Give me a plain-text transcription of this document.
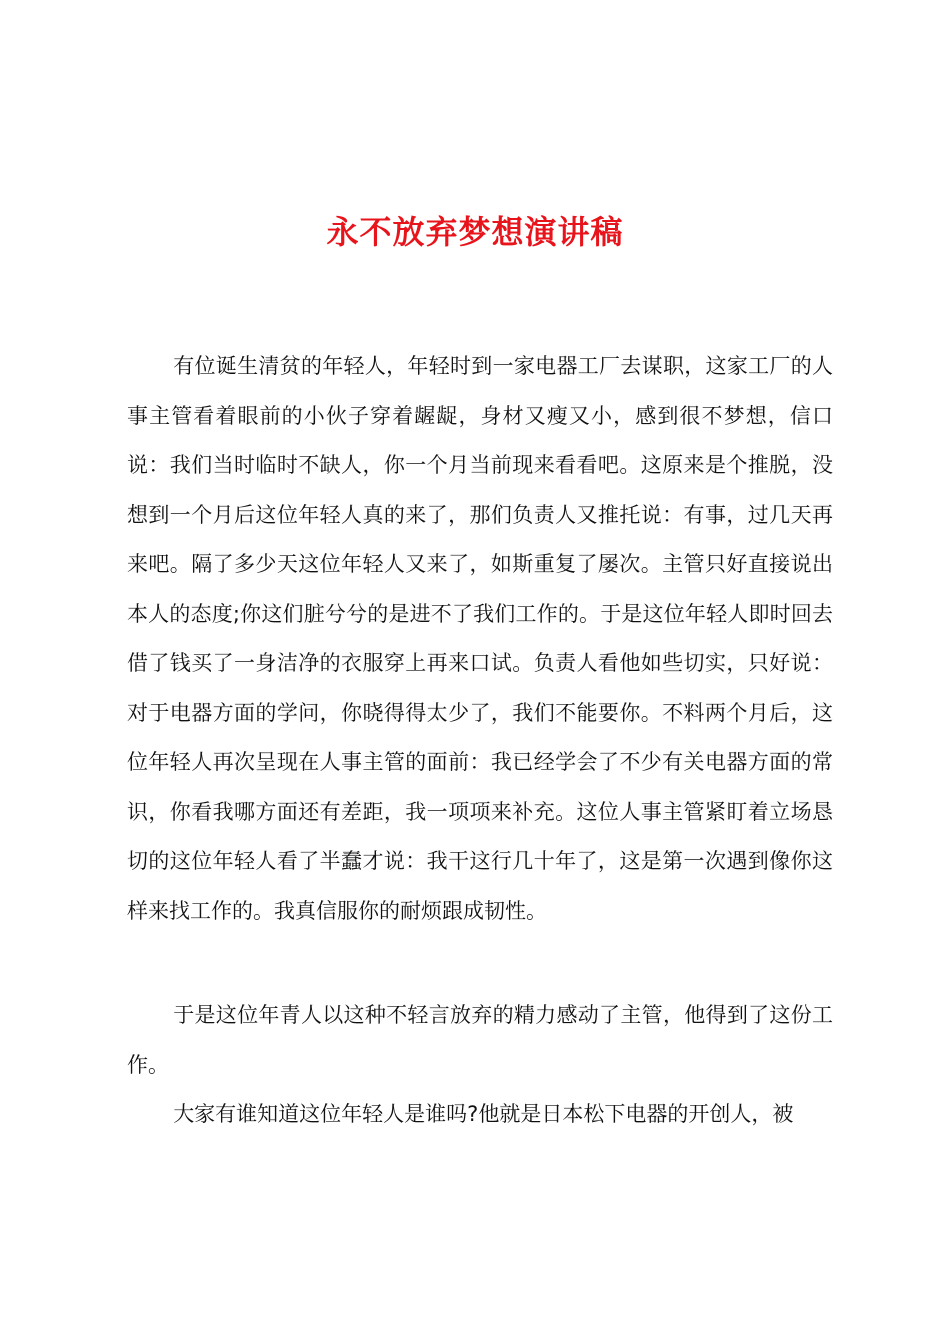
永不放弃梦想演讲稿

有位诞生清贫的年轻人，年轻时到一家电器工厂去谋职，这家工厂的人事主管看着眼前的小伙子穿着龌龊，身材又瘦又小，感到很不梦想，信口说：我们当时临时不缺人，你一个月当前现来看看吧。这原来是个推脱，没想到一个月后这位年轻人真的来了，那们负责人又推托说：有事，过几天再来吧。隔了多少天这位年轻人又来了，如斯重复了屡次。主管只好直接说出本人的态度;你这们脏兮兮的是进不了我们工作的。于是这位年轻人即时回去借了钱买了一身洁净的衣服穿上再来口试。负责人看他如些切实，只好说：对于电器方面的学问，你晓得得太少了，我们不能要你。不料两个月后，这位年轻人再次呈现在人事主管的面前：我已经学会了不少有关电器方面的常识，你看我哪方面还有差距，我一项项来补充。这位人事主管紧盯着立场恳切的这位年轻人看了半蠢才说：我干这行几十年了，这是第一次遇到像你这样来找工作的。我真信服你的耐烦跟成韧性。

于是这位年青人以这种不轻言放弃的精力感动了主管，他得到了这份工作。

大家有谁知道这位年轻人是谁吗?他就是日本松下电器的开创人，被
